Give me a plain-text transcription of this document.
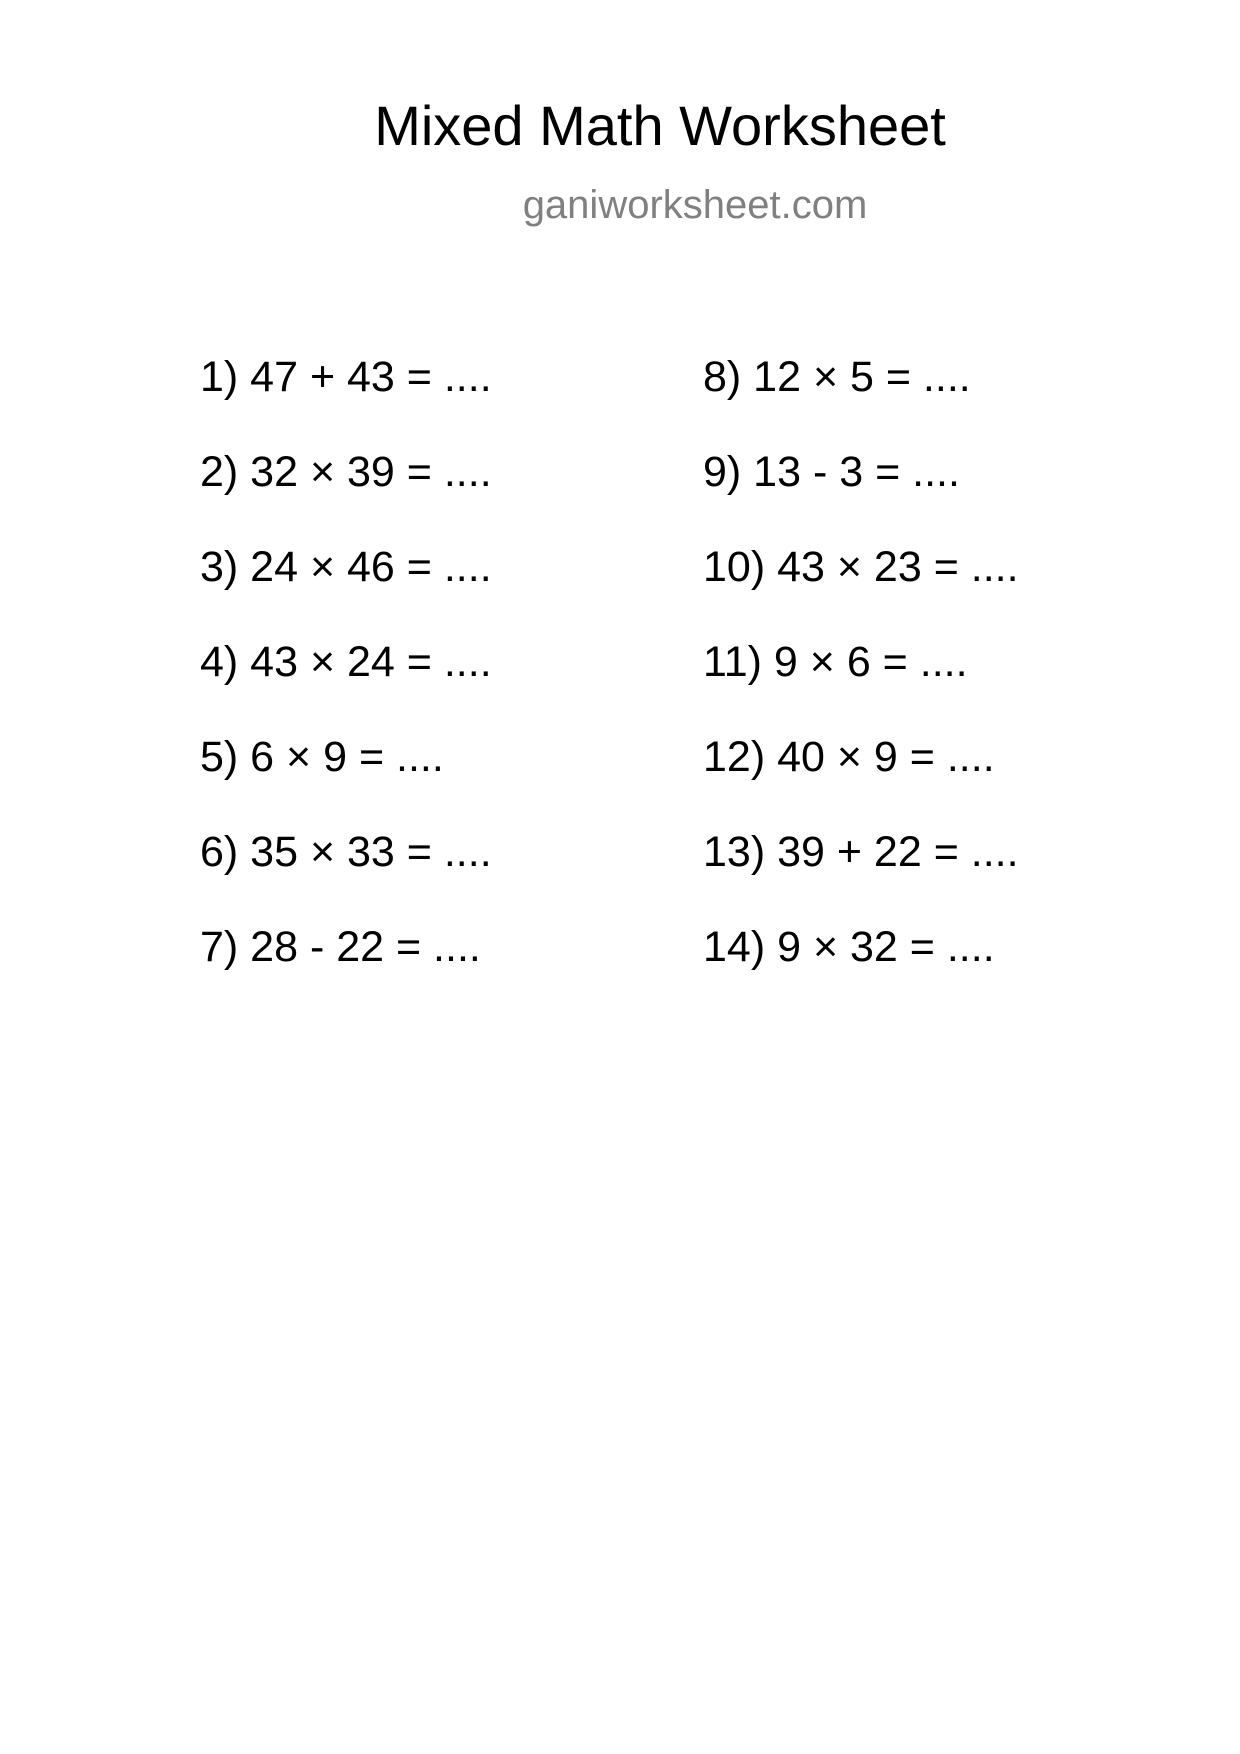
Mixed Math Worksheet
ganiworksheet.com
1) 47 + 43 = ....
2) 32 × 39 = ....
3) 24 × 46 = ....
4) 43 × 24 = ....
5) 6 × 9 = ....
6) 35 × 33 = ....
7) 28 - 22 = ....
8) 12 × 5 = ....
9) 13 - 3 = ....
10) 43 × 23 = ....
11) 9 × 6 = ....
12) 40 × 9 = ....
13) 39 + 22 = ....
14) 9 × 32 = ....
